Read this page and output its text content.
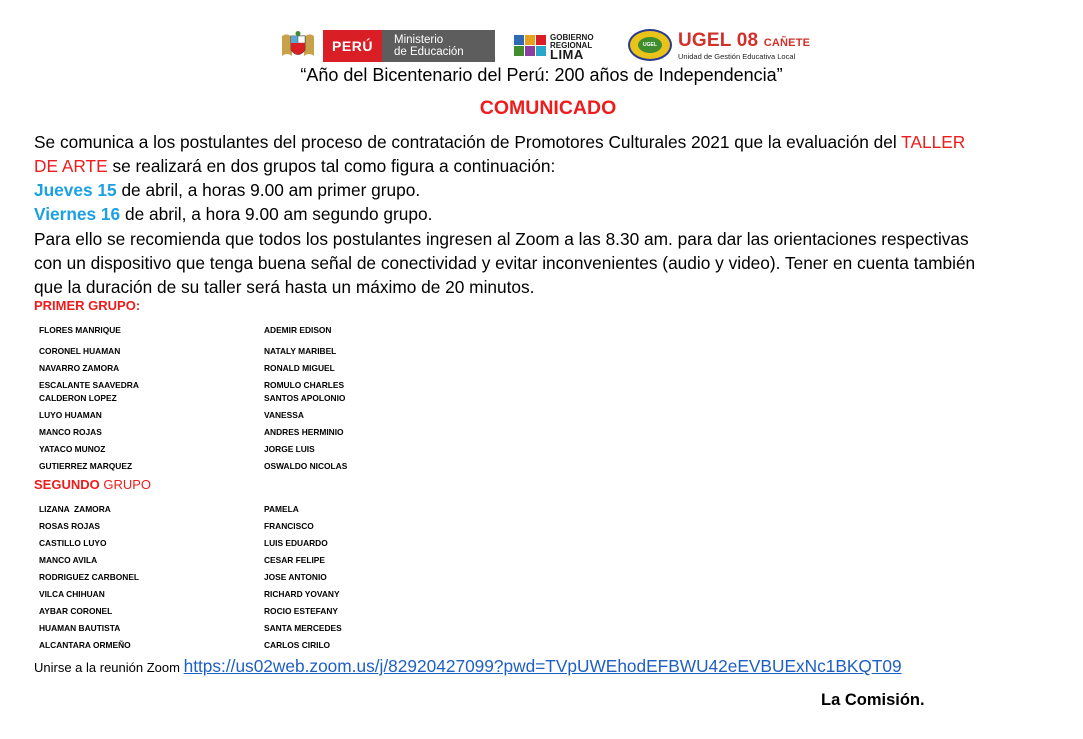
PERÚ	Ministerio
de Educación
GOBIERNO
REGIONAL
LIMA
UGEL UGEL 08 CAÑETE
Unidad de Gestión Educativa Local
“Año del Bicentenario del Perú: 200 años de Independencia”
COMUNICADO
Se comunica a los postulantes del proceso de contratación de Promotores Culturales 2021 que la evaluación del TALLER
DE ARTE se realizará en dos grupos tal como figura a continuación:
Jueves 15 de abril, a horas 9.00 am primer grupo.
Viernes 16 de abril, a hora 9.00 am segundo grupo.
Para ello se recomienda que todos los postulantes ingresen al Zoom a las 8.30 am. para dar las orientaciones respectivas
con un dispositivo que tenga buena señal de conectividad y evitar inconvenientes (audio y video). Tener en cuenta también
que la duración de su taller será hasta un máximo de 20 minutos.
PRIMER GRUPO:
FLORES MANRIQUE	ADEMIR EDISON
CORONEL HUAMAN	NATALY MARIBEL
NAVARRO ZAMORA	RONALD MIGUEL
ESCALANTE SAAVEDRA	ROMULO CHARLES
CALDERON LOPEZ	SANTOS APOLONIO
LUYO HUAMAN	VANESSA
MANCO ROJAS	ANDRES HERMINIO
YATACO MUNOZ	JORGE LUIS
GUTIERREZ MARQUEZ	OSWALDO NICOLAS
SEGUNDO GRUPO
LIZANA  ZAMORA	PAMELA
ROSAS ROJAS	FRANCISCO
CASTILLO LUYO	LUIS EDUARDO
MANCO AVILA	CESAR FELIPE
RODRIGUEZ CARBONEL	JOSE ANTONIO
VILCA CHIHUAN	RICHARD YOVANY
AYBAR CORONEL	ROCIO ESTEFANY
HUAMAN BAUTISTA	SANTA MERCEDES
ALCANTARA ORMEÑO	CARLOS CIRILO
Unirse a la reunión Zoom https://us02web.zoom.us/j/82920427099?pwd=TVpUWEhodEFBWU42eEVBUExNc1BKQT09
La Comisión.
